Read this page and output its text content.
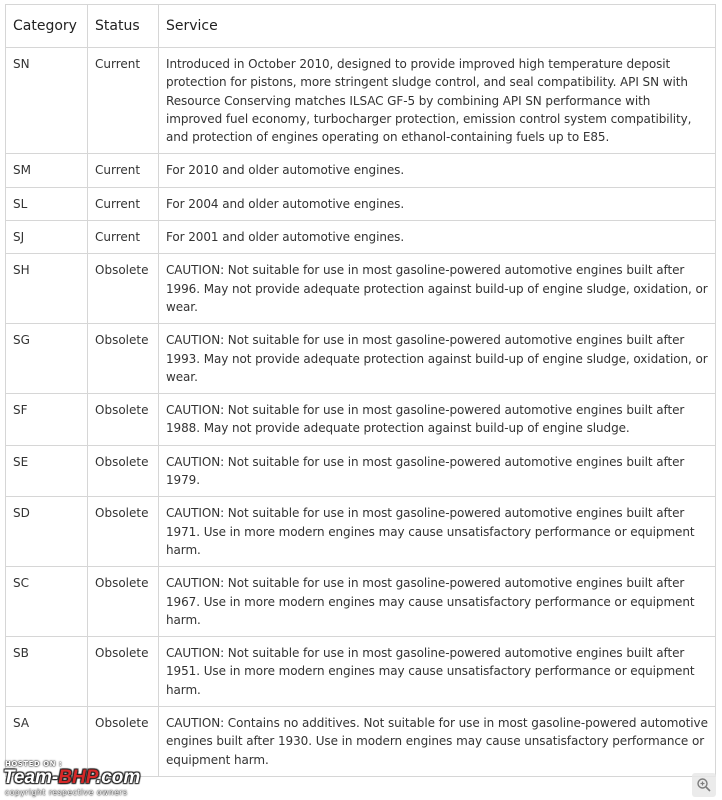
Category	Status	Service
SN	Current	Introduced in October 2010, designed to provide improved high temperature deposit protection for pistons, more stringent sludge control, and seal compatibility. API SN with Resource Conserving matches ILSAC GF-5 by combining API SN performance with improved fuel economy, turbocharger protection, emission control system compatibility, and protection of engines operating on ethanol-containing fuels up to E85.
SM	Current	For 2010 and older automotive engines.
SL	Current	For 2004 and older automotive engines.
SJ	Current	For 2001 and older automotive engines.
SH	Obsolete	CAUTION: Not suitable for use in most gasoline-powered automotive engines built after 1996. May not provide adequate protection against build-up of engine sludge, oxidation, or wear.
SG	Obsolete	CAUTION: Not suitable for use in most gasoline-powered automotive engines built after 1993. May not provide adequate protection against build-up of engine sludge, oxidation, or wear.
SF	Obsolete	CAUTION: Not suitable for use in most gasoline-powered automotive engines built after 1988. May not provide adequate protection against build-up of engine sludge.
SE	Obsolete	CAUTION: Not suitable for use in most gasoline-powered automotive engines built after 1979.
SD	Obsolete	CAUTION: Not suitable for use in most gasoline-powered automotive engines built after 1971. Use in more modern engines may cause unsatisfactory performance or equipment harm.
SC	Obsolete	CAUTION: Not suitable for use in most gasoline-powered automotive engines built after 1967. Use in more modern engines may cause unsatisfactory performance or equipment harm.
SB	Obsolete	CAUTION: Not suitable for use in most gasoline-powered automotive engines built after 1951. Use in more modern engines may cause unsatisfactory performance or equipment harm.
SA	Obsolete	CAUTION: Contains no additives. Not suitable for use in most gasoline-powered automotive engines built after 1930. Use in modern engines may cause unsatisfactory performance or equipment harm.
HOSTED ON :
Team-BHP.com
copyright respective owners
